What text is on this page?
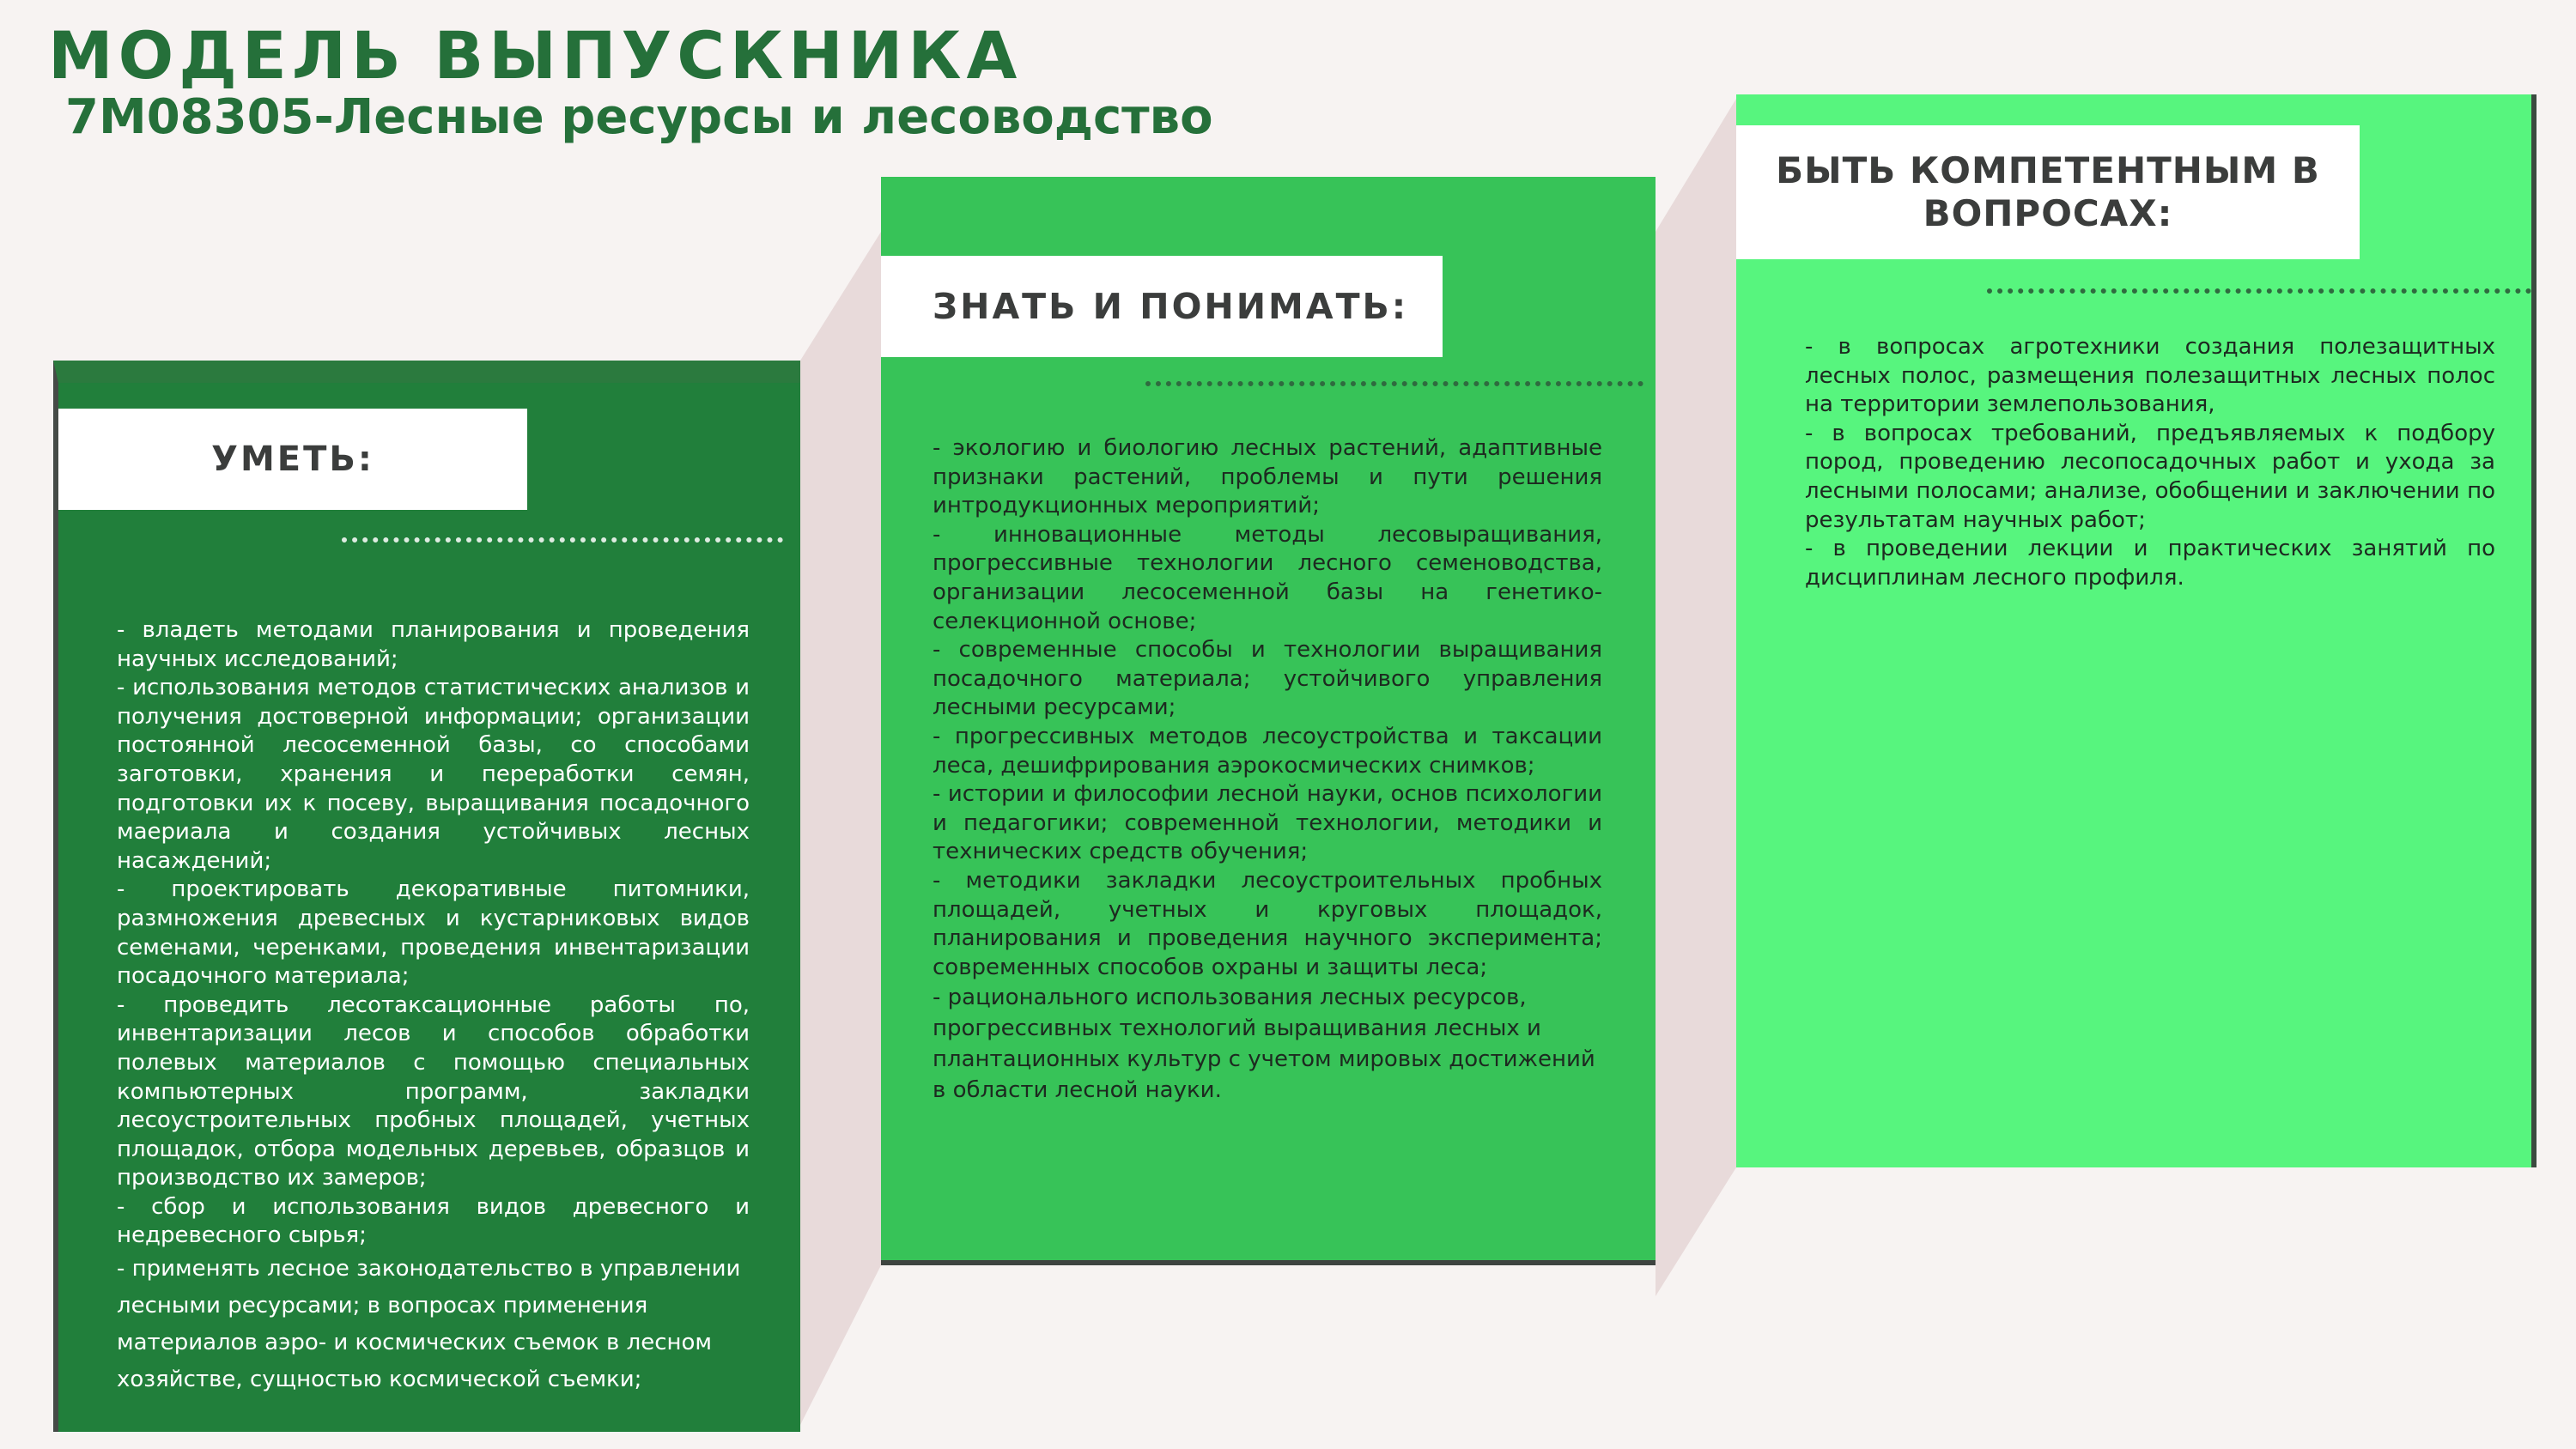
МОДЕЛЬ ВЫПУСКНИКА
7М08305-Лесные ресурсы и лесоводство
УМЕТЬ:

- владеть методами планирования и проведения научных исследований;
- использования методов статистических анализов и получения достоверной информации; организации постоянной лесосеменной базы, со способами заготовки, хранения и переработки семян, подготовки их к посеву, выращивания посадочного маериала и создания устойчивых лесных насаждений;
- проектировать декоративные питомники, размножения древесных и кустарниковых видов семенами, черенками, проведения инвентаризации посадочного материала;
- проведить лесотаксационные работы по, инвентаризации лесов и способов обработки полевых материалов с помощью специальных компьютерных программ, закладки лесоустроительных пробных площадей, учетных площадок, отбора модельных деревьев, образцов и производство их замеров;
- сбор и использования видов древесного и недревесного сырья;

- применять лесное законодательство в управлении лесными ресурсами; в вопросах применения материалов аэро- и космических съемок в лесном хозяйстве, сущностью космической съемки;

ЗНАТЬ И ПОНИМАТЬ:

- экологию и биологию лесных растений, адаптивные признаки растений, проблемы и пути решения интродукционных мероприятий;
- инновационные методы лесовыращивания, прогрессивные технологии лесного семеноводства, организации лесосеменной базы на генетико-селекционной основе;
- современные способы и технологии выращивания посадочного материала; устойчивого управления лесными ресурсами;
- прогрессивных методов лесоустройства и таксации леса, дешифрирования аэрокосмических снимков;
- истории и философии лесной науки, основ психологии и педагогики; современной технологии, методики и технических средств обучения;
- методики закладки лесоустроительных пробных площадей, учетных и круговых площадок, планирования и проведения научного эксперимента; современных способов охраны и защиты леса;

- рационального использования лесных ресурсов, прогрессивных технологий выращивания лесных и плантационных культур с учетом мировых достижений в области лесной науки.

БЫТЬ КОМПЕТЕНТНЫМ В ВОПРОСАХ:

- в вопросах агротехники создания полезащитных лесных полос, размещения полезащитных лесных полос на территории землепользования,
- в вопросах требований, предъявляемых к подбору пород, проведению лесопосадочных работ и ухода за лесными полосами; анализе, обобщении и заключении по результатам научных работ;
- в проведении лекции и практических занятий по дисциплинам лесного профиля.
